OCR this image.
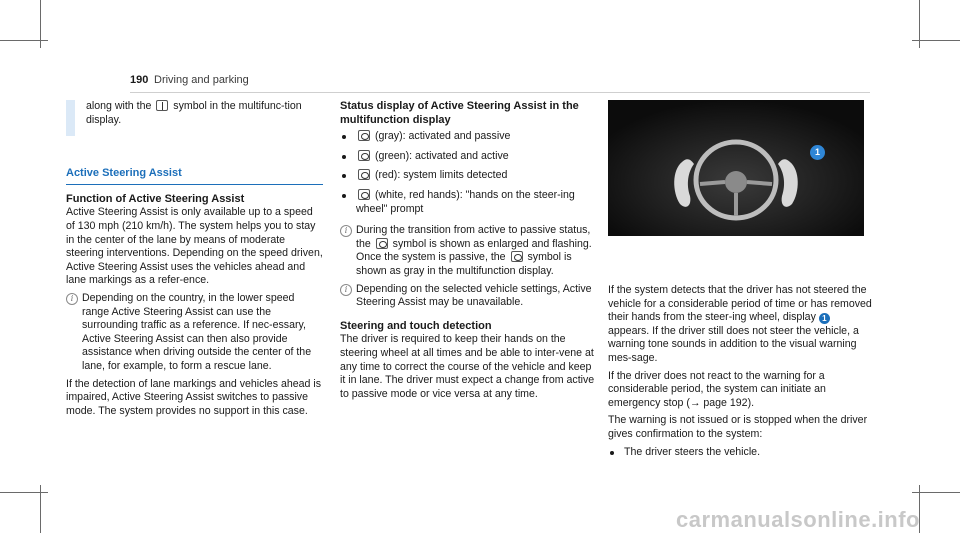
190 Driving and parking
along with the symbol in the multifunc-tion display.
Active Steering Assist
Function of Active Steering Assist

Active Steering Assist is only available up to a speed of 130 mph (210 km/h). The system helps you to stay in the center of the lane by means of moderate steering interventions. Depending on the speed driven, Active Steering Assist uses the vehicles ahead and lane markings as a refer-ence.

i Depending on the country, in the lower speed range Active Steering Assist can use the surrounding traffic as a reference. If nec-essary, Active Steering Assist can then also provide assistance when driving outside the center of the lane, for example, to form a rescue lane.

If the detection of lane markings and vehicles ahead is impaired, Active Steering Assist switches to passive mode. The system provides no support in this case.

Status display of Active Steering Assist in the multifunction display
(gray): activated and passive
(green): activated and active
(red): system limits detected
(white, red hands): "hands on the steer-ing wheel" prompt
i During the transition from active to passive status, the symbol is shown as enlarged and flashing. Once the system is passive, the symbol is shown as gray in the multifunction display.
i Depending on the selected vehicle settings, Active Steering Assist may be unavailable.
Steering and touch detection

The driver is required to keep their hands on the steering wheel at all times and be able to inter-vene at any time to correct the course of the vehicle and keep it in lane. The driver must expect a change from active to passive mode or vice versa at any time.

1

If the system detects that the driver has not steered the vehicle for a considerable period of time or has removed their hands from the steer-ing wheel, display 1 appears. If the driver still does not steer the vehicle, a warning tone sounds in addition to the visual warning mes-sage.

If the driver does not react to the warning for a considerable period, the system can initiate an emergency stop (→ page 192).

The warning is not issued or is stopped when the driver gives confirmation to the system:

The driver steers the vehicle.
carmanualsonline.info
